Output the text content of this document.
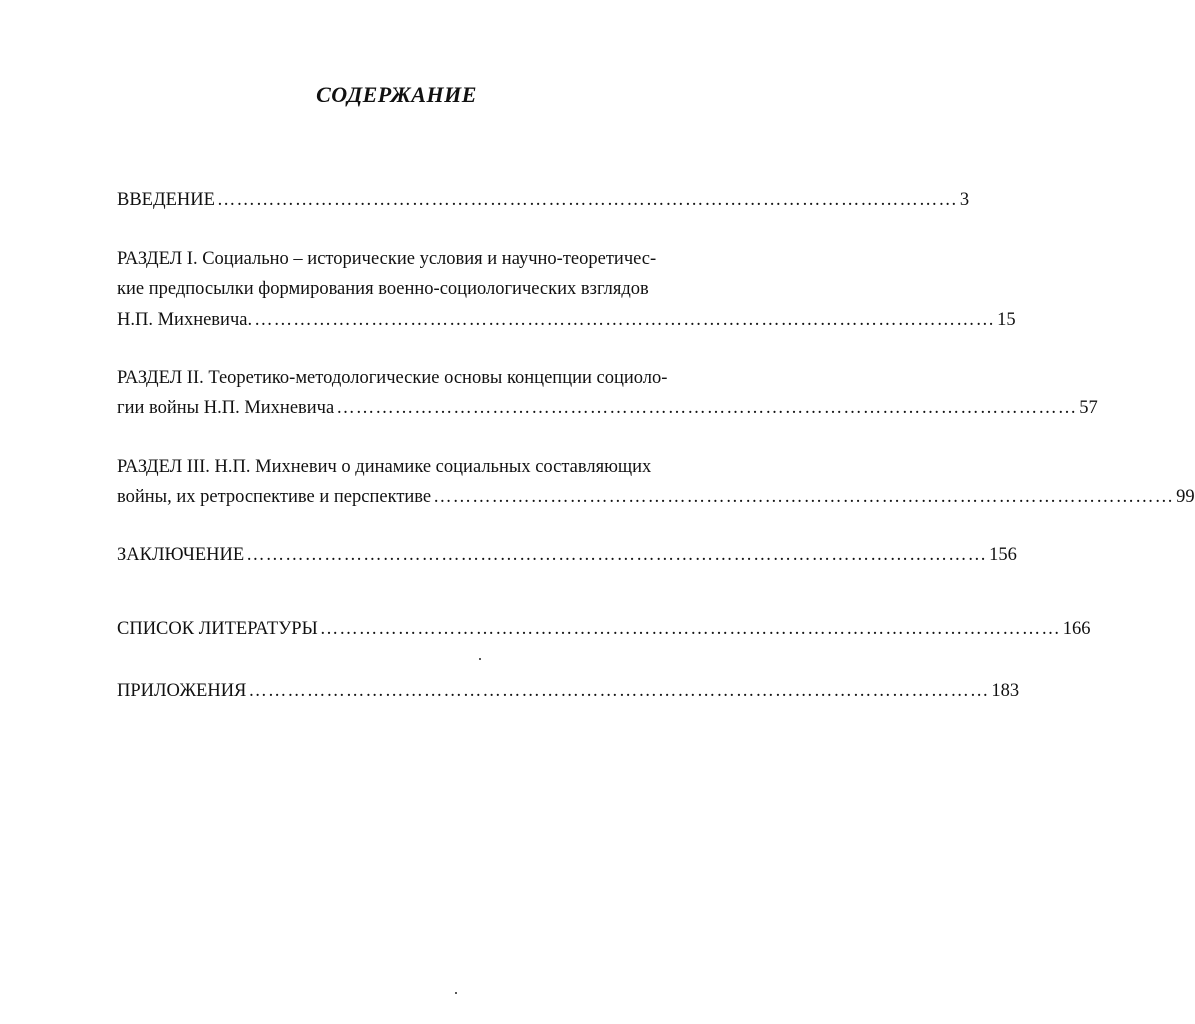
СОДЕРЖАНИЕ
ВВЕДЕНИЕ …………………………………………………………………………………………………… 3
РАЗДЕЛ I. Социально – исторические условия и научно-теоретичес-
кие предпосылки формирования военно-социологических взглядов
Н.П. Михневича. …………………………………………………………………………………………………… 15
РАЗДЕЛ II. Теоретико-методологические основы концепции социоло-
гии войны Н.П. Михневича …………………………………………………………………………………………………… 57
РАЗДЕЛ III. Н.П. Михневич о динамике социальных составляющих
войны, их ретроспективе и перспективе …………………………………………………………………………………………………… 99
ЗАКЛЮЧЕНИЕ …………………………………………………………………………………………………… 156
СПИСОК ЛИТЕРАТУРЫ …………………………………………………………………………………………………… 166
ПРИЛОЖЕНИЯ …………………………………………………………………………………………………… 183
